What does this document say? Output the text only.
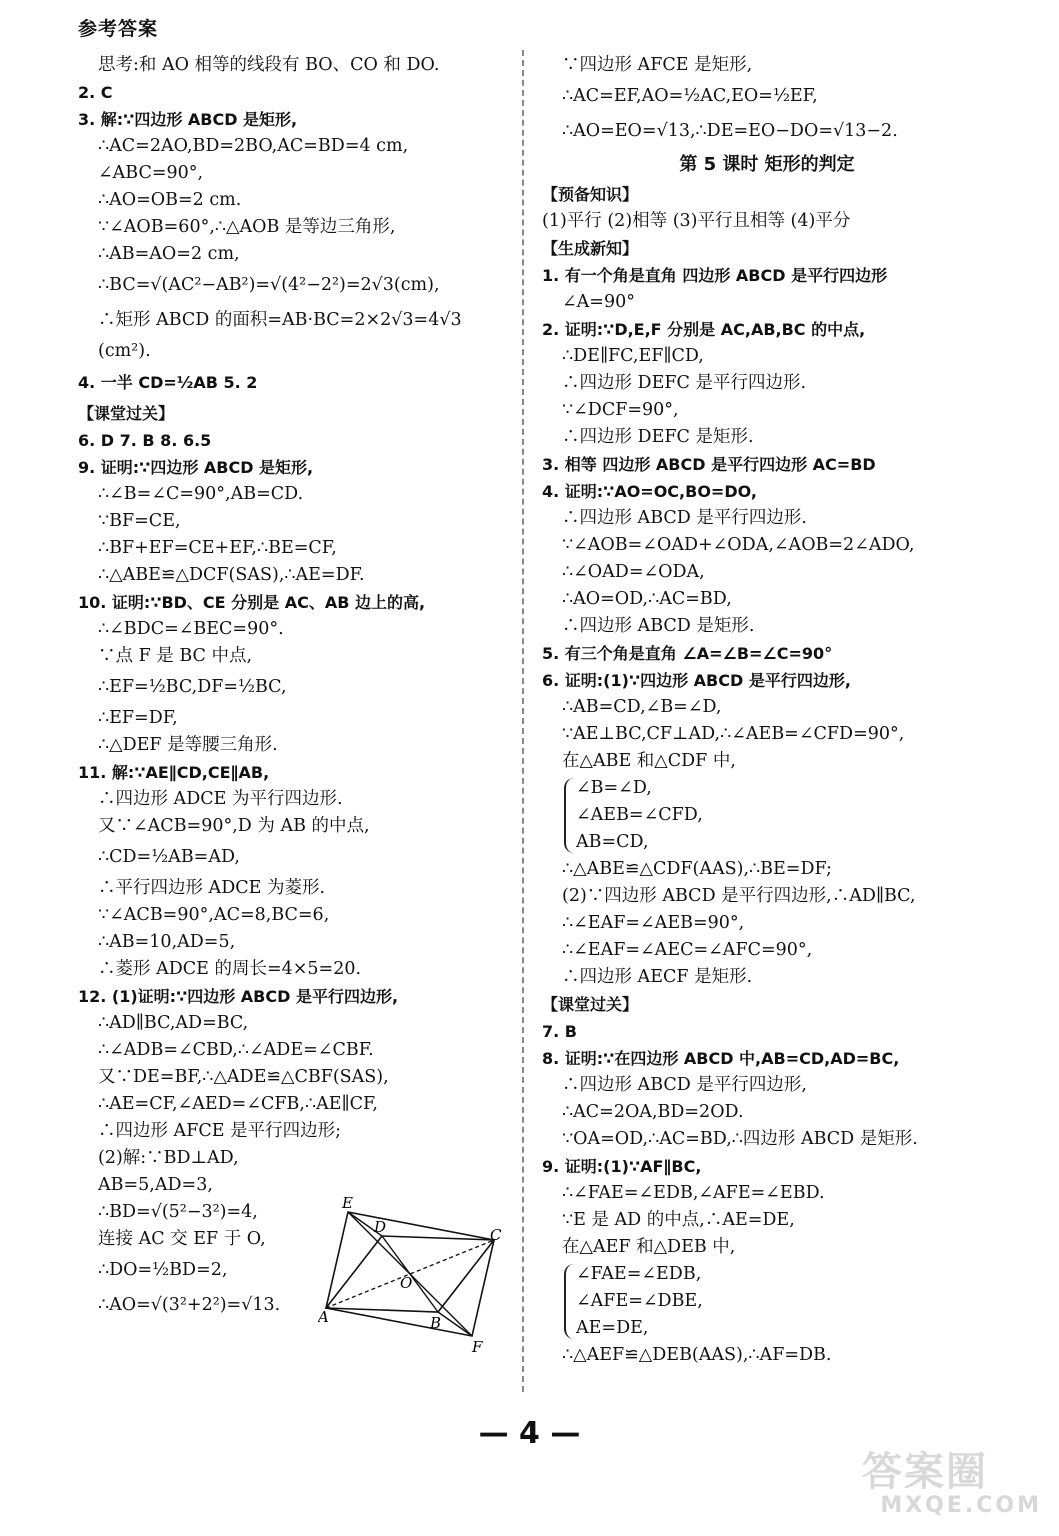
参考答案
思考:和 AO 相等的线段有 BO、CO 和 DO.
2. C
3. 解:∵四边形 ABCD 是矩形,
∴AC=2AO,BD=2BO,AC=BD=4 cm,
∠ABC=90°,
∴AO=OB=2 cm.
∵∠AOB=60°,∴△AOB 是等边三角形,
∴AB=AO=2 cm,
∴BC=√(AC²−AB²)=√(4²−2²)=2√3(cm),
∴矩形 ABCD 的面积=AB·BC=2×2√3=4√3
(cm²).
4. 一半 CD=½AB 5. 2
【课堂过关】
6. D 7. B 8. 6.5
9. 证明:∵四边形 ABCD 是矩形,
∴∠B=∠C=90°,AB=CD.
∵BF=CE,
∴BF+EF=CE+EF,∴BE=CF,
∴△ABE≌△DCF(SAS),∴AE=DF.
10. 证明:∵BD、CE 分别是 AC、AB 边上的高,
∴∠BDC=∠BEC=90°.
∵点 F 是 BC 中点,
∴EF=½BC,DF=½BC,
∴EF=DF,
∴△DEF 是等腰三角形.
11. 解:∵AE∥CD,CE∥AB,
∴四边形 ADCE 为平行四边形.
又∵∠ACB=90°,D 为 AB 的中点,
∴CD=½AB=AD,
∴平行四边形 ADCE 为菱形.
∵∠ACB=90°,AC=8,BC=6,
∴AB=10,AD=5,
∴菱形 ADCE 的周长=4×5=20.
12. (1)证明:∵四边形 ABCD 是平行四边形,
∴AD∥BC,AD=BC,
∴∠ADB=∠CBD,∴∠ADE=∠CBF.
又∵DE=BF,∴△ADE≌△CBF(SAS),
∴AE=CF,∠AED=∠CFB,∴AE∥CF,
∴四边形 AFCE 是平行四边形;
(2)解:∵BD⊥AD,
AB=5,AD=3,
∴BD=√(5²−3²)=4,
连接 AC 交 EF 于 O,
∴DO=½BD=2,
∴AO=√(3²+2²)=√13.
∵四边形 AFCE 是矩形,
∴AC=EF,AO=½AC,EO=½EF,
∴AO=EO=√13,∴DE=EO−DO=√13−2.
第 5 课时 矩形的判定
【预备知识】
(1)平行 (2)相等 (3)平行且相等 (4)平分
【生成新知】
1. 有一个角是直角 四边形 ABCD 是平行四边形
∠A=90°
2. 证明:∵D,E,F 分别是 AC,AB,BC 的中点,
∴DE∥FC,EF∥CD,
∴四边形 DEFC 是平行四边形.
∵∠DCF=90°,
∴四边形 DEFC 是矩形.
3. 相等 四边形 ABCD 是平行四边形 AC=BD
4. 证明:∵AO=OC,BO=DO,
∴四边形 ABCD 是平行四边形.
∵∠AOB=∠OAD+∠ODA,∠AOB=2∠ADO,
∴∠OAD=∠ODA,
∴AO=OD,∴AC=BD,
∴四边形 ABCD 是矩形.
5. 有三个角是直角 ∠A=∠B=∠C=90°
6. 证明:(1)∵四边形 ABCD 是平行四边形,
∴AB=CD,∠B=∠D,
∵AE⊥BC,CF⊥AD,∴∠AEB=∠CFD=90°,
在△ABE 和△CDF 中,
∠B=∠D,
∠AEB=∠CFD,
AB=CD,
∴△ABE≌△CDF(AAS),∴BE=DF;
(2)∵四边形 ABCD 是平行四边形,∴AD∥BC,
∴∠EAF=∠AEB=90°,
∴∠EAF=∠AEC=∠AFC=90°,
∴四边形 AECF 是矩形.
【课堂过关】
7. B
8. 证明:∵在四边形 ABCD 中,AB=CD,AD=BC,
∴四边形 ABCD 是平行四边形,
∴AC=2OA,BD=2OD.
∵OA=OD,∴AC=BD,∴四边形 ABCD 是矩形.
9. 证明:(1)∵AF∥BC,
∴∠FAE=∠EDB,∠AFE=∠EBD.
∵E 是 AD 的中点,∴AE=DE,
在△AEF 和△DEB 中,
∠FAE=∠EDB,
∠AFE=∠DBE,
AE=DE,
∴△AEF≌△DEB(AAS),∴AF=DB.
E
D	C
O
A	B
F
— 4 —
答案圈
MXQE.COM
